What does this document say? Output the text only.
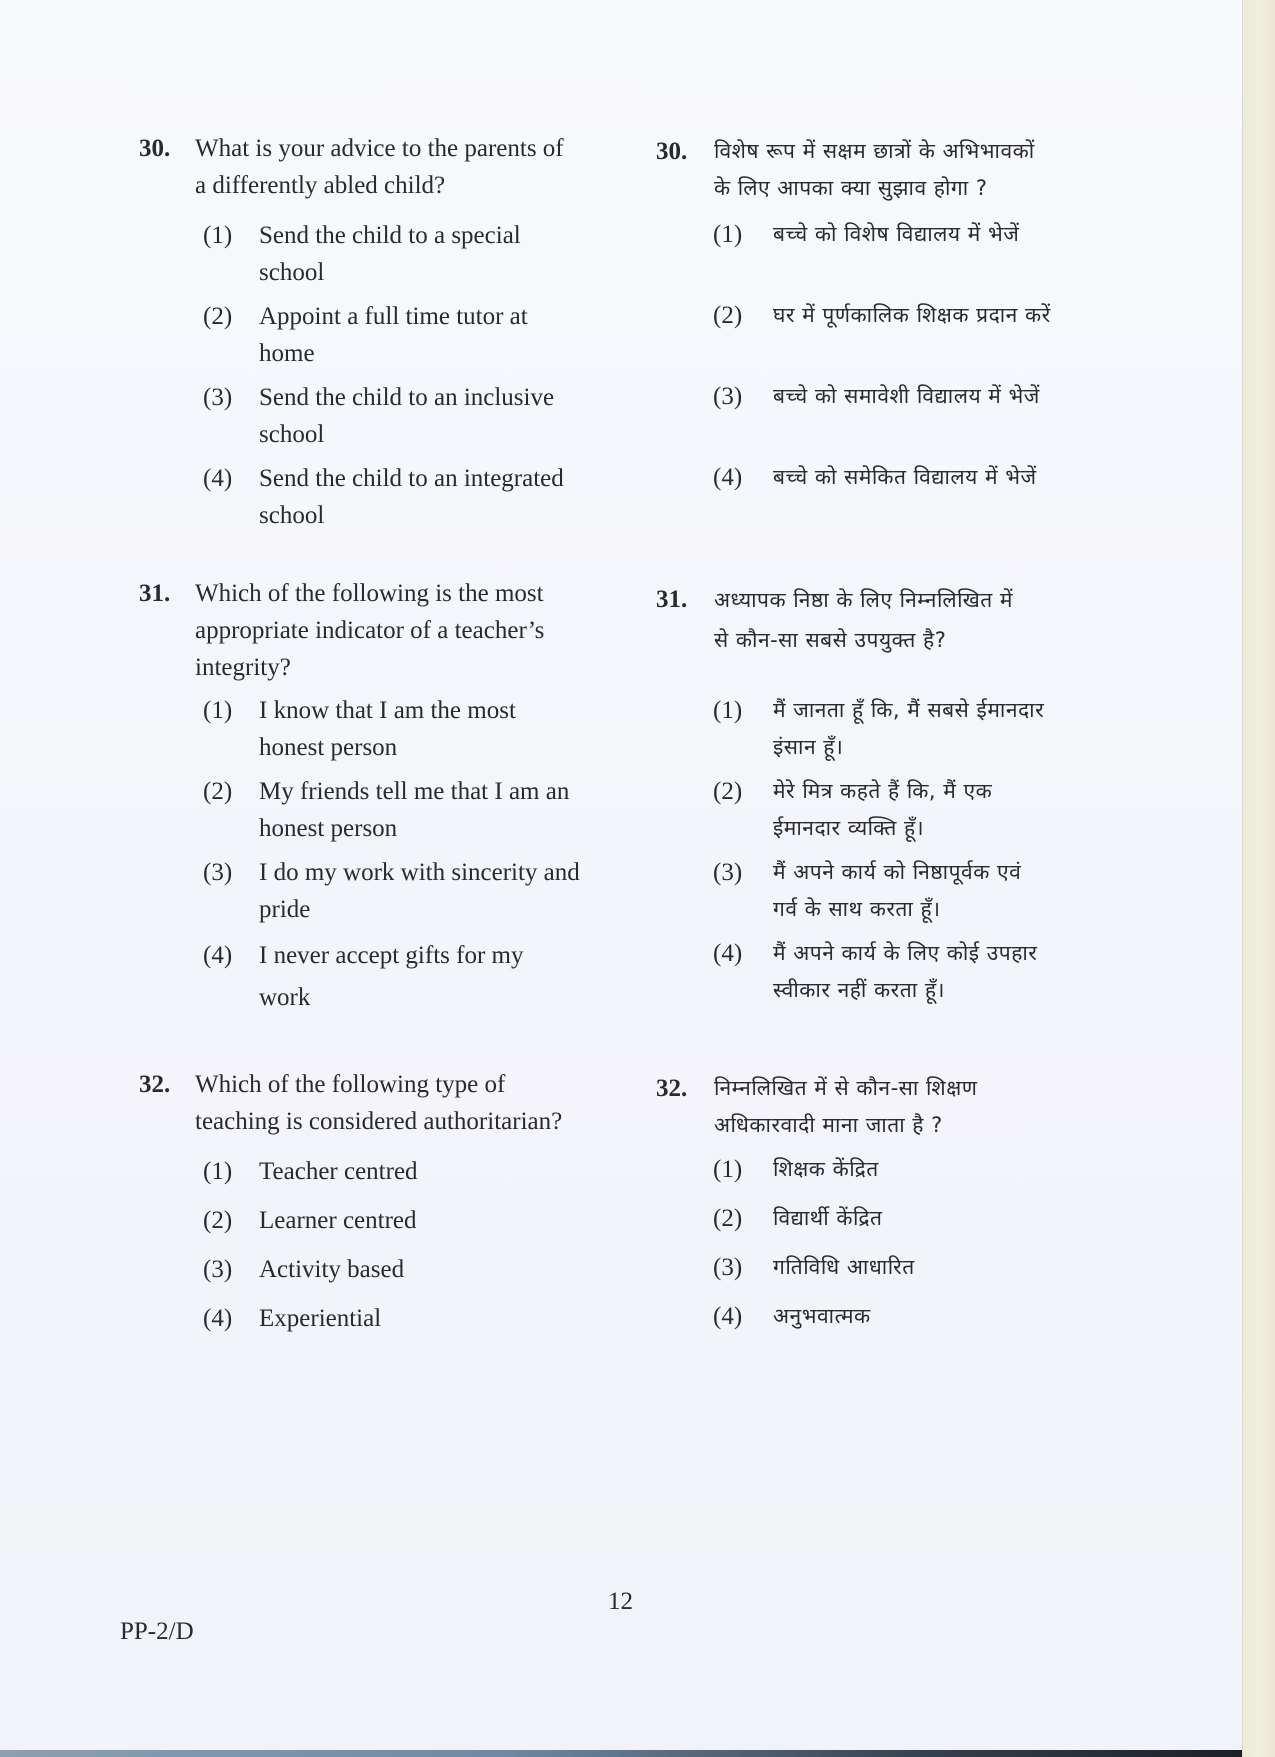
30. What is your advice to the parents of
a differently abled child?
(1) Send the child to a special
school
(2) Appoint a full time tutor at
home
(3) Send the child to an inclusive
school
(4) Send the child to an integrated
school
31. Which of the following is the most
appropriate indicator of a teacher’s
integrity?
(1) I know that I am the most
honest person
(2) My friends tell me that I am an
honest person
(3) I do my work with sincerity and
pride
(4) I never accept gifts for my
work
32. Which of the following type of
teaching is considered authoritarian?
(1) Teacher centred
(2) Learner centred
(3) Activity based
(4) Experiential
30. विशेष रूप में सक्षम छात्रों के अभिभावकों
के लिए आपका क्या सुझाव होगा ?
(1) बच्चे को विशेष विद्यालय में भेजें
(2) घर में पूर्णकालिक शिक्षक प्रदान करें
(3) बच्चे को समावेशी विद्यालय में भेजें
(4) बच्चे को समेकित विद्यालय में भेजें
31. अध्यापक निष्ठा के लिए निम्नलिखित में
से कौन-सा सबसे उपयुक्त है?
(1) मैं जानता हूँ कि, मैं सबसे ईमानदार
इंसान हूँ।
(2) मेरे मित्र कहते हैं कि, मैं एक
ईमानदार व्यक्ति हूँ।
(3) मैं अपने कार्य को निष्ठापूर्वक एवं
गर्व के साथ करता हूँ।
(4) मैं अपने कार्य के लिए कोई उपहार
स्वीकार नहीं करता हूँ।
32. निम्नलिखित में से कौन-सा शिक्षण
अधिकारवादी माना जाता है ?
(1) शिक्षक केंद्रित
(2) विद्यार्थी केंद्रित
(3) गतिविधि आधारित
(4) अनुभवात्मक
12
PP-2/D
